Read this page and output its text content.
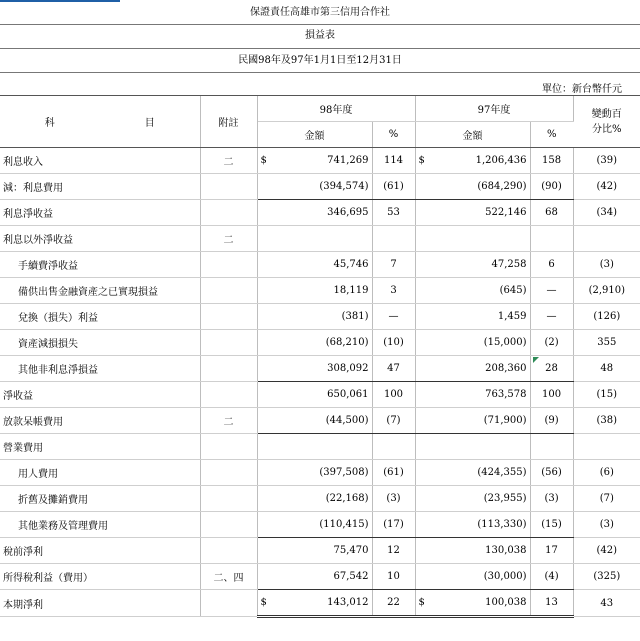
保證責任高雄市第三信用合作社
損益表
民國98年及97年1月1日至12月31日
單位：新台幣仟元
科 目	附註	98年度		97年度		變動百
分比%

		金額	%	金額	%	
利息收入	二	$ 741,269	114	$ 1,206,436	158	(39)
減：利息費用		(394,574)	(61)	(684,290)	(90)	(42)
利息淨收益		346,695	53	522,146	68	(34)
利息以外淨收益	二					
手續費淨收益		45,746	7	47,258	6	(3)
備供出售金融資產之已實現損益		18,119	3	(645)	—	(2,910)
兌換（損失）利益		(381)	—	1,459	—	(126)
資產減損損失		(68,210)	(10)	(15,000)	(2)	355
其他非利息淨損益		308,092	47	208,360	28	48
淨收益		650,061	100	763,578	100	(15)
放款呆帳費用	二	(44,500)	(7)	(71,900)	(9)	(38)
營業費用						
用人費用		(397,508)	(61)	(424,355)	(56)	(6)
折舊及攤銷費用		(22,168)	(3)	(23,955)	(3)	(7)
其他業務及管理費用		(110,415)	(17)	(113,330)	(15)	(3)
稅前淨利		75,470	12	130,038	17	(42)
所得稅利益（費用）	二、四	67,542	10	(30,000)	(4)	(325)
本期淨利		$ 143,012	22	$ 100,038	13	43
